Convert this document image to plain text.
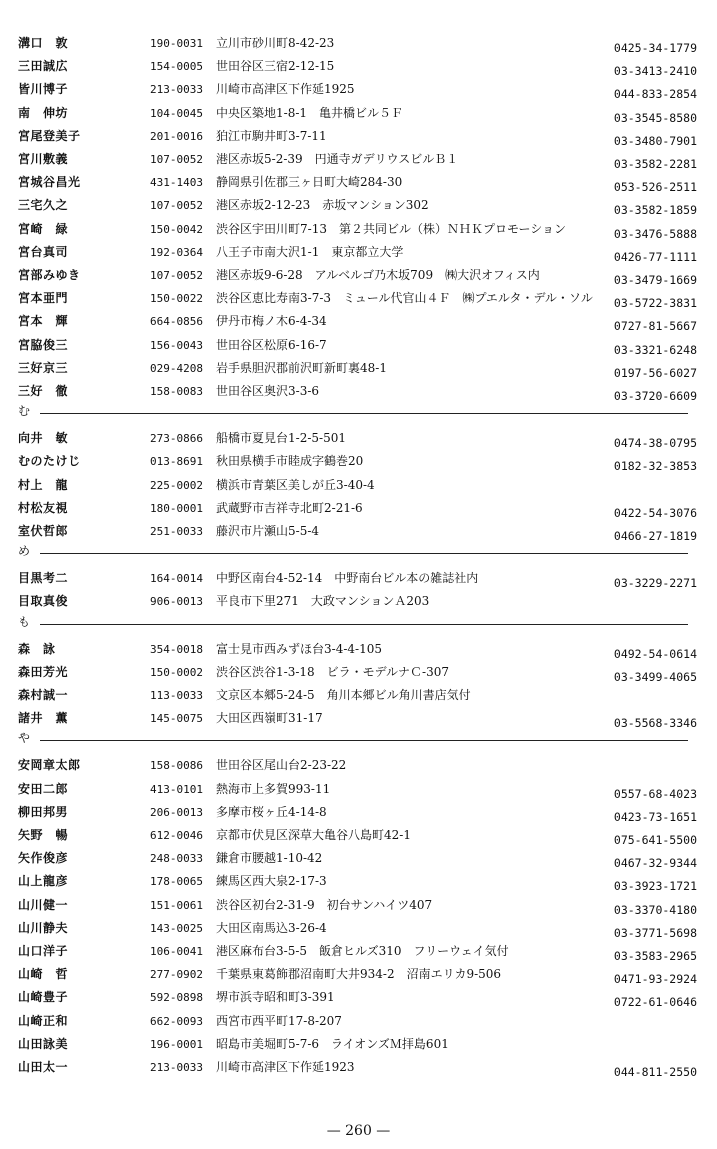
溝口　敦	190-0031	立川市砂川町8-42-23	0425-34-1779
三田誠広	154-0005	世田谷区三宿2-12-15	03-3413-2410
皆川博子	213-0033	川崎市高津区下作延1925	044-833-2854
南　伸坊	104-0045	中央区築地1-8-1　亀井橋ビル５Ｆ	03-3545-8580
宮尾登美子	201-0016	狛江市駒井町3-7-11	03-3480-7901
宮川敷義	107-0052	港区赤坂5-2-39　円通寺ガデリウスビルＢ１	03-3582-2281
宮城谷昌光	431-1403	静岡県引佐郡三ヶ日町大崎284-30	053-526-2511
三宅久之	107-0052	港区赤坂2-12-23　赤坂マンション302	03-3582-1859
宮崎　緑	150-0042	渋谷区宇田川町7-13　第２共同ビル（株）ＮＨＫプロモーション	03-3476-5888
宮台真司	192-0364	八王子市南大沢1-1　東京都立大学	0426-77-1111
宮部みゆき	107-0052	港区赤坂9-6-28　アルベルゴ乃木坂709　㈱大沢オフィス内	03-3479-1669
宮本亜門	150-0022	渋谷区恵比寿南3-7-3　ミュール代官山４Ｆ　㈱プエルタ・デル・ソル 03-5722-3831
宮本　輝	664-0856	伊丹市梅ノ木6-4-34	0727-81-5667
宮脇俊三	156-0043	世田谷区松原6-16-7	03-3321-6248
三好京三	029-4208	岩手県胆沢郡前沢町新町裏48-1	0197-56-6027
三好　徹	158-0083	世田谷区奥沢3-3-6	03-3720-6609
む
向井　敏	273-0866	船橋市夏見台1-2-5-501	0474-38-0795
むのたけじ	013-8691	秋田県横手市睦成字鶴巻20	0182-32-3853
村上　龍	225-0002	横浜市青葉区美しが丘3-40-4
村松友視	180-0001	武蔵野市吉祥寺北町2-21-6	0422-54-3076
室伏哲郎	251-0033	藤沢市片瀬山5-5-4	0466-27-1819
め
目黒考二	164-0014	中野区南台4-52-14　中野南台ビル本の雑誌社内	03-3229-2271
目取真俊	906-0013	平良市下里271　大政マンションＡ203
も
森　詠	354-0018	富士見市西みずほ台3-4-4-105	0492-54-0614
森田芳光	150-0002	渋谷区渋谷1-3-18　ビラ・モデルナＣ-307	03-3499-4065
森村誠一	113-0033	文京区本郷5-24-5　角川本郷ビル角川書店気付
諸井　薫	145-0075	大田区西嶺町31-17	03-5568-3346
や
安岡章太郎	158-0086	世田谷区尾山台2-23-22
安田二郎	413-0101	熱海市上多賀993-11	0557-68-4023
柳田邦男	206-0013	多摩市桜ヶ丘4-14-8	0423-73-1651
矢野　暢	612-0046	京都市伏見区深草大亀谷八島町42-1	075-641-5500
矢作俊彦	248-0033	鎌倉市腰越1-10-42	0467-32-9344
山上龍彦	178-0065	練馬区西大泉2-17-3	03-3923-1721
山川健一	151-0061	渋谷区初台2-31-9　初台サンハイツ407	03-3370-4180
山川静夫	143-0025	大田区南馬込3-26-4	03-3771-5698
山口洋子	106-0041	港区麻布台3-5-5　飯倉ヒルズ310　フリーウェイ気付	03-3583-2965
山崎　哲	277-0902	千葉県東葛飾郡沼南町大井934-2　沼南エリカ9-506	0471-93-2924
山崎豊子	592-0898	堺市浜寺昭和町3-391	0722-61-0646
山崎正和	662-0093	西宮市西平町17-8-207
山田詠美	196-0001	昭島市美堀町5-7-6　ライオンズＭ拝島601
山田太一	213-0033	川崎市高津区下作延1923	044-811-2550
— 260 —
